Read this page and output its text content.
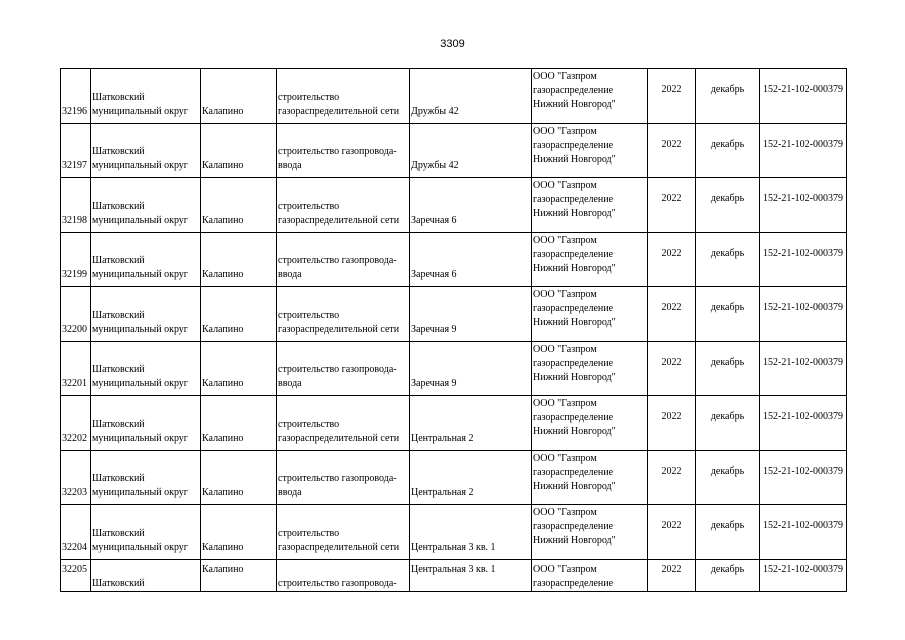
3309
32196	Шатковский
муниципальный округ	Калапино	строительство
газораспределительной сети	Дружбы 42	ООО "Газпром
газораспределение
Нижний Новгород"	2022	декабрь	152-21-102-000379
32197	Шатковский
муниципальный округ	Калапино	строительство газопровода-
ввода	Дружбы 42	ООО "Газпром
газораспределение
Нижний Новгород"	2022	декабрь	152-21-102-000379
32198	Шатковский
муниципальный округ	Калапино	строительство
газораспределительной сети	Заречная 6	ООО "Газпром
газораспределение
Нижний Новгород"	2022	декабрь	152-21-102-000379
32199	Шатковский
муниципальный округ	Калапино	строительство газопровода-
ввода	Заречная 6	ООО "Газпром
газораспределение
Нижний Новгород"	2022	декабрь	152-21-102-000379
32200	Шатковский
муниципальный округ	Калапино	строительство
газораспределительной сети	Заречная 9	ООО "Газпром
газораспределение
Нижний Новгород"	2022	декабрь	152-21-102-000379
32201	Шатковский
муниципальный округ	Калапино	строительство газопровода-
ввода	Заречная 9	ООО "Газпром
газораспределение
Нижний Новгород"	2022	декабрь	152-21-102-000379
32202	Шатковский
муниципальный округ	Калапино	строительство
газораспределительной сети	Центральная 2	ООО "Газпром
газораспределение
Нижний Новгород"	2022	декабрь	152-21-102-000379
32203	Шатковский
муниципальный округ	Калапино	строительство газопровода-
ввода	Центральная 2	ООО "Газпром
газораспределение
Нижний Новгород"	2022	декабрь	152-21-102-000379
32204	Шатковский
муниципальный округ	Калапино	строительство
газораспределительной сети	Центральная 3 кв. 1	ООО "Газпром
газораспределение
Нижний Новгород"	2022	декабрь	152-21-102-000379
32205	Шатковский	Калапино	строительство газопровода-	Центральная 3 кв. 1	ООО "Газпром
газораспределение	2022	декабрь	152-21-102-000379
